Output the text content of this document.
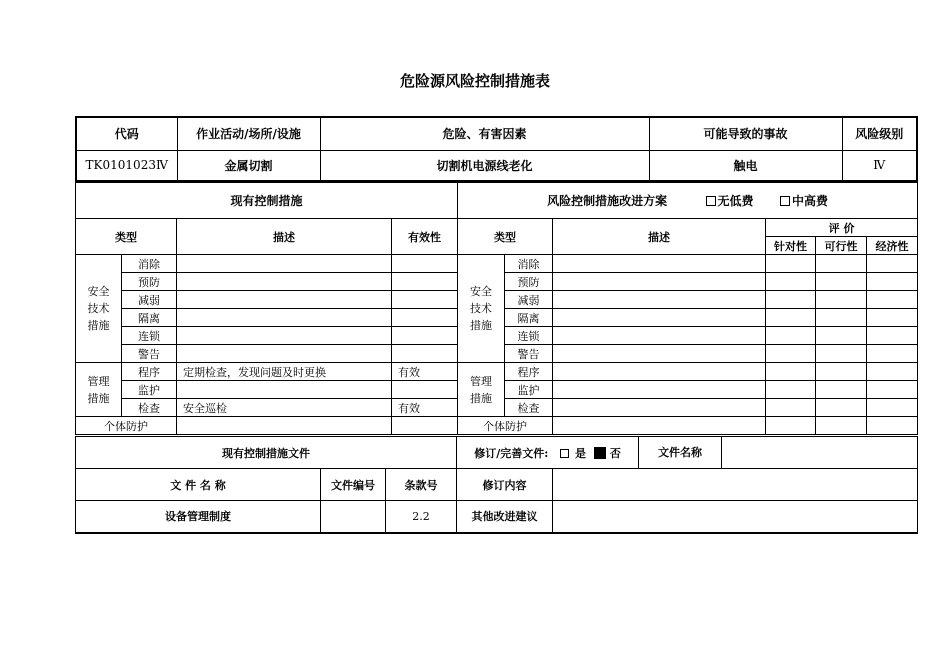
危险源风险控制措施表
代码	作业活动/场所/设施	危险、有害因素	可能导致的事故	风险级别
TK0101023Ⅳ	金属切割	切割机电源线老化	触电	Ⅳ
现有控制措施				风险控制措施改进方案 无低费 中高费					
类型		描述	有效性	类型		描述	评 价		
							针对性	可行性	经济性
安全技术措施	消除			安全技术措施	消除				
	预防				预防				
	减弱				减弱				
	隔离				隔离				
	连锁				连锁				
	警告				警告				
管理措施	程序	定期检查，发现问题及时更换	有效	管理措施	程序				
	监护				监护				
	检查	安全巡检	有效		检查				
个体防护				个体防护					
现有控制措施文件			修订/完善文件: 是 否		文件名称
文 件 名 称	文件编号	条款号	修订内容		
设备管理制度		2.2	其他改进建议		
